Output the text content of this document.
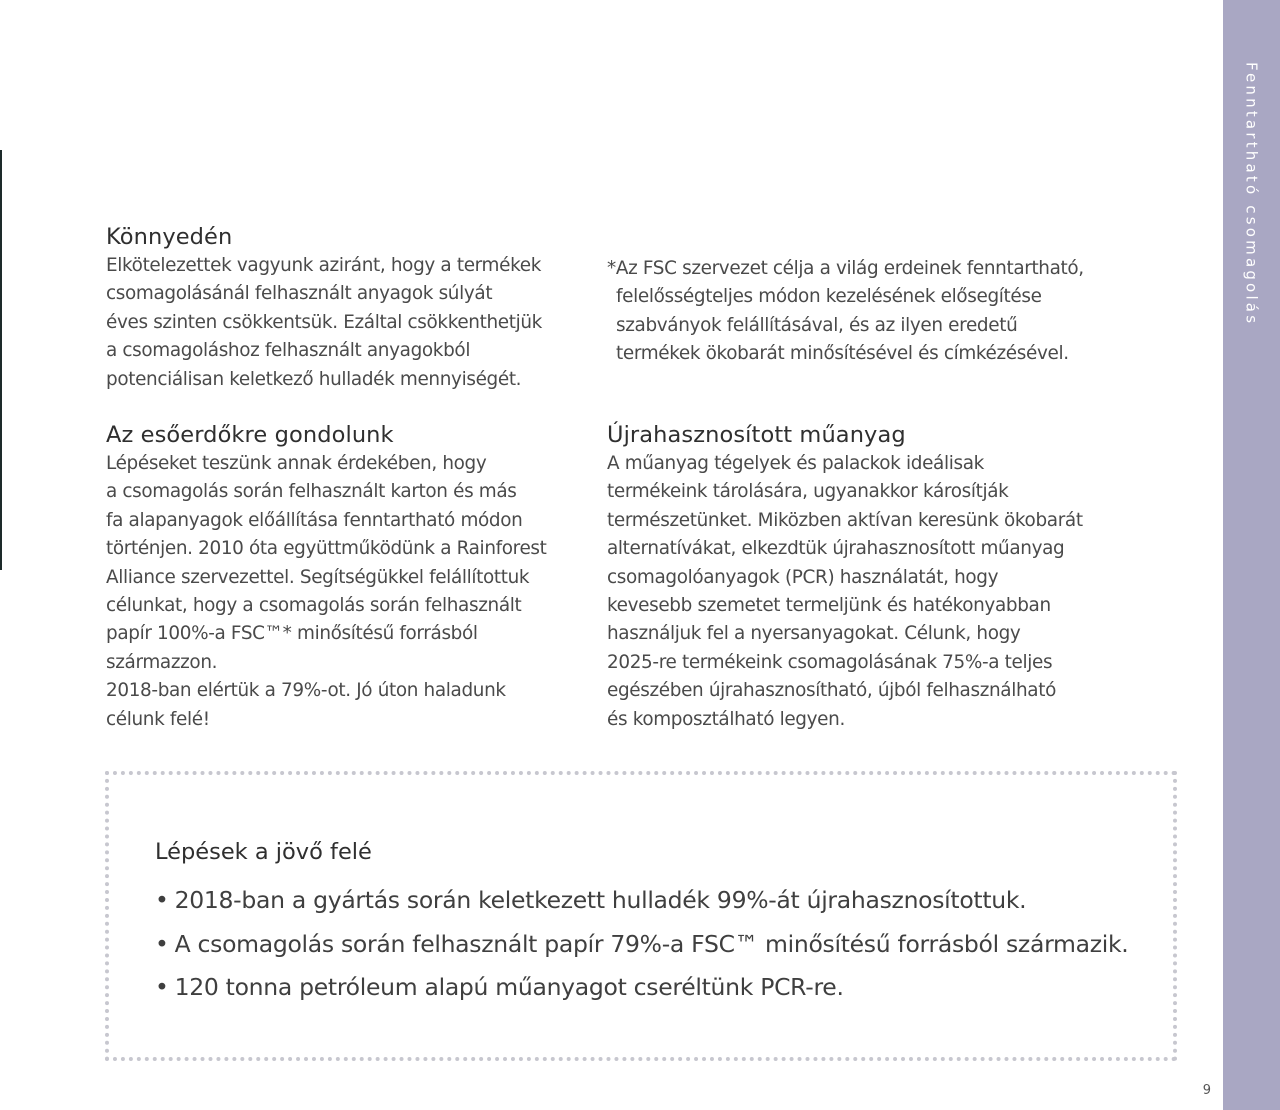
Fenntartható csomagolás
Könnyedén

Elkötelezettek vagyunk aziránt, hogy a termékek
csomagolásánál felhasznált anyagok súlyát
éves szinten csökkentsük. Ezáltal csökkenthetjük
a csomagoláshoz felhasznált anyagokból
potenciálisan keletkező hulladék mennyiségét.

*Az FSC szervezet célja a világ erdeinek fenntartható,
felelősségteljes módon kezelésének elősegítése
szabványok felállításával, és az ilyen eredetű
termékek ökobarát minősítésével és címkézésével.

Az esőerdőkre gondolunk

Lépéseket teszünk annak érdekében, hogy
a csomagolás során felhasznált karton és más
fa alapanyagok előállítása fenntartható módon
történjen. 2010 óta együttműködünk a Rainforest
Alliance szervezettel. Segítségükkel felállítottuk
célunkat, hogy a csomagolás során felhasznált
papír 100%-a FSC™* minősítésű forrásból
származzon.
2018-ban elértük a 79%-ot. Jó úton haladunk
célunk felé!

Újrahasznosított műanyag

A műanyag tégelyek és palackok ideálisak
termékeink tárolására, ugyanakkor károsítják
természetünket. Miközben aktívan keresünk ökobarát
alternatívákat, elkezdtük újrahasznosított műanyag
csomagolóanyagok (PCR) használatát, hogy
kevesebb szemetet termeljünk és hatékonyabban
használjuk fel a nyersanyagokat. Célunk, hogy
2025-re termékeink csomagolásának 75%-a teljes
egészében újrahasznosítható, újból felhasználható
és komposztálható legyen.

Lépések a jövő felé
• 2018-ban a gyártás során keletkezett hulladék 99%-át újrahasznosítottuk.
• A csomagolás során felhasznált papír 79%-a FSC™ minősítésű forrásból származik.
• 120 tonna petróleum alapú műanyagot cseréltünk PCR-re.
9
